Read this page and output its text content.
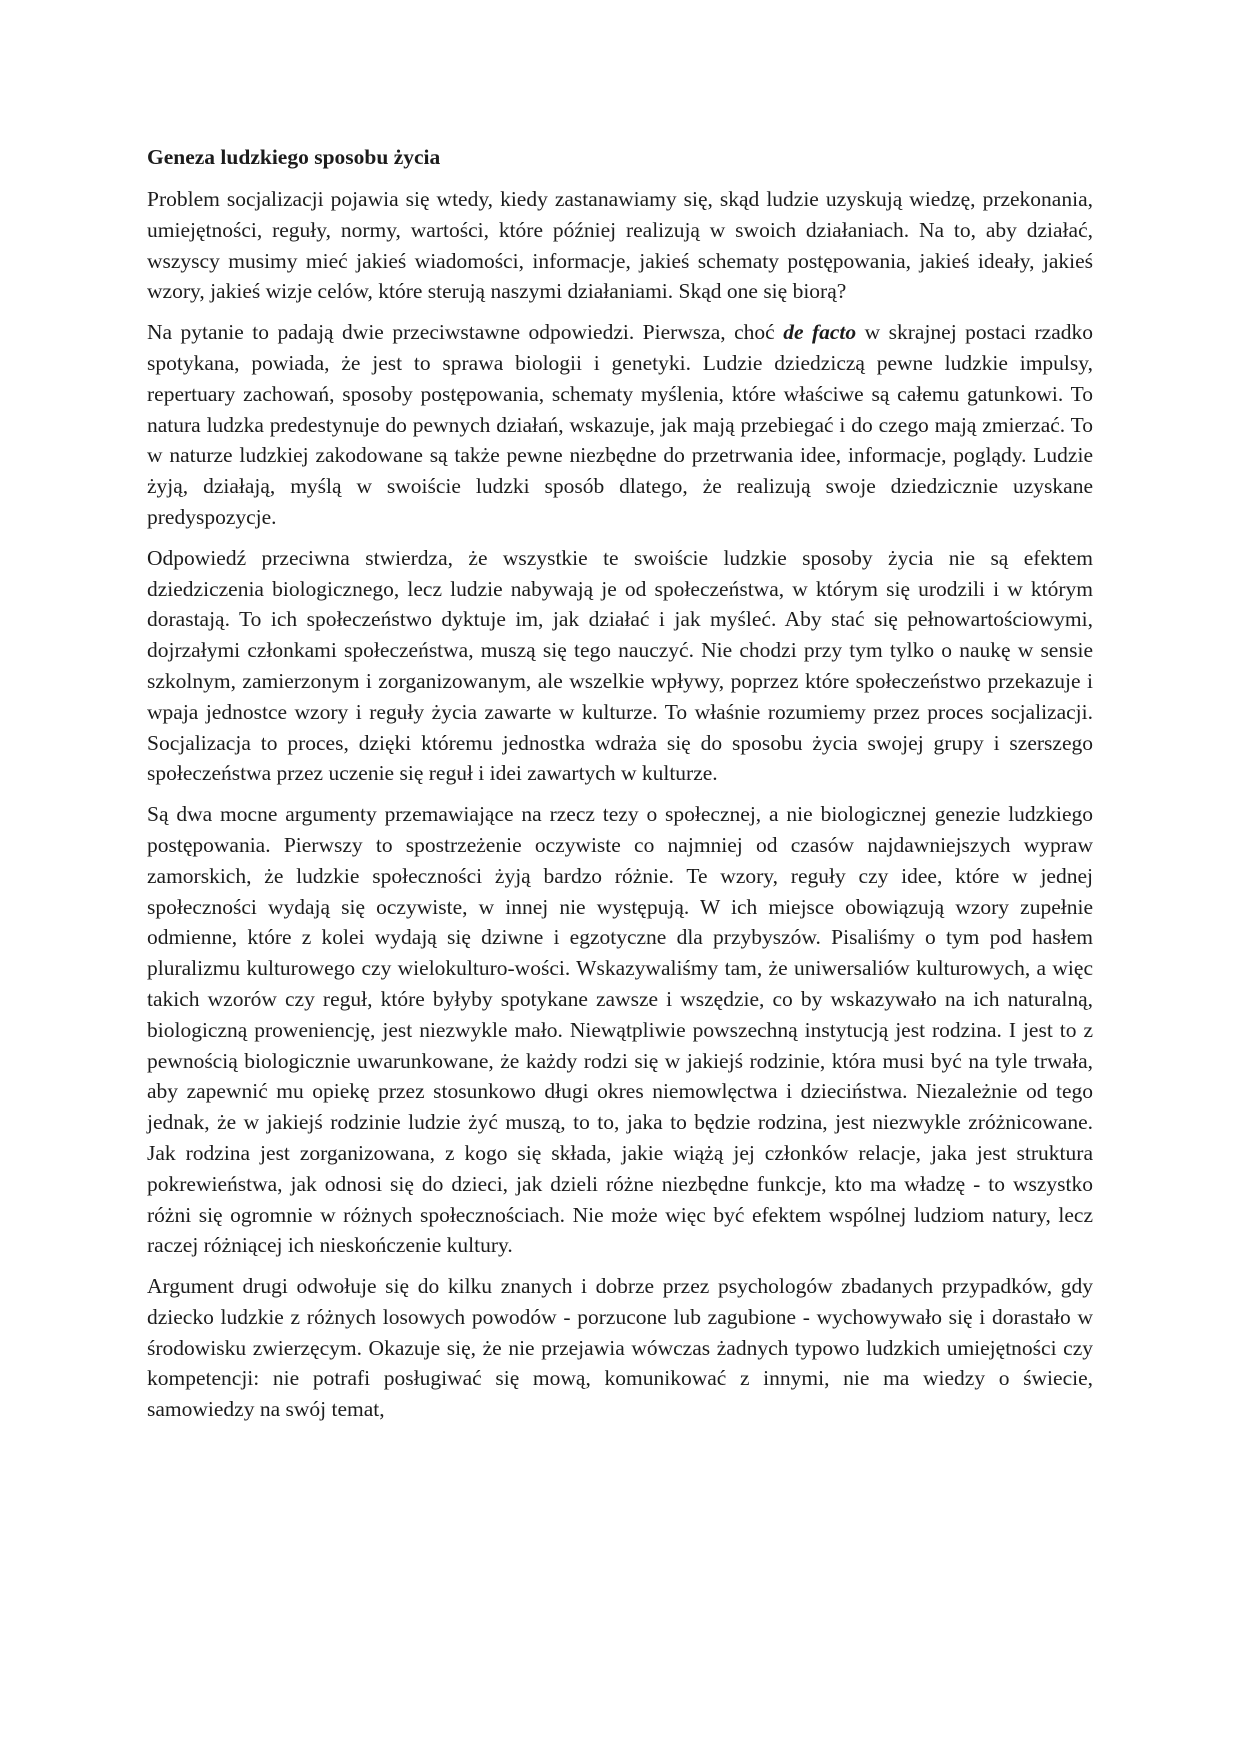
Geneza ludzkiego sposobu życia

Problem socjalizacji pojawia się wtedy, kiedy zastanawiamy się, skąd ludzie uzyskują wiedzę, przekonania, umiejętności, reguły, normy, wartości, które później realizują w swoich działaniach. Na to, aby działać, wszyscy musimy mieć jakieś wiadomości, informacje, jakieś schematy postępowania, jakieś ideały, jakieś wzory, jakieś wizje celów, które sterują naszymi działaniami. Skąd one się biorą?

Na pytanie to padają dwie przeciwstawne odpowiedzi. Pierwsza, choć de facto w skrajnej postaci rzadko spotykana, powiada, że jest to sprawa biologii i genetyki. Ludzie dziedziczą pewne ludzkie impulsy, repertuary zachowań, sposoby postępowania, schematy myślenia, które właściwe są całemu gatunkowi. To natura ludzka predestynuje do pewnych działań, wskazuje, jak mają przebiegać i do czego mają zmierzać. To w naturze ludzkiej zakodowane są także pewne niezbędne do przetrwania idee, informacje, poglądy. Ludzie żyją, działają, myślą w swoiście ludzki sposób dlatego, że realizują swoje dziedzicznie uzyskane predyspozycje.

Odpowiedź przeciwna stwierdza, że wszystkie te swoiście ludzkie sposoby życia nie są efektem dziedziczenia biologicznego, lecz ludzie nabywają je od społeczeństwa, w którym się urodzili i w którym dorastają. To ich społeczeństwo dyktuje im, jak działać i jak myśleć. Aby stać się pełnowartościowymi, dojrzałymi członkami społeczeństwa, muszą się tego nauczyć. Nie chodzi przy tym tylko o naukę w sensie szkolnym, zamierzonym i zorganizowanym, ale wszelkie wpływy, poprzez które społeczeństwo przekazuje i wpaja jednostce wzory i reguły życia zawarte w kulturze. To właśnie rozumiemy przez proces socjalizacji. Socjalizacja to proces, dzięki któremu jednostka wdraża się do sposobu życia swojej grupy i szerszego społeczeństwa przez uczenie się reguł i idei zawartych w kulturze.

Są dwa mocne argumenty przemawiające na rzecz tezy o społecznej, a nie biologicznej genezie ludzkiego postępowania. Pierwszy to spostrzeżenie oczywiste co najmniej od czasów najdawniejszych wypraw zamorskich, że ludzkie społeczności żyją bardzo różnie. Te wzory, reguły czy idee, które w jednej społeczności wydają się oczywiste, w innej nie występują. W ich miejsce obowiązują wzory zupełnie odmienne, które z kolei wydają się dziwne i egzotyczne dla przybyszów. Pisaliśmy o tym pod hasłem pluralizmu kulturowego czy wielokulturo-wości. Wskazywaliśmy tam, że uniwersaliów kulturowych, a więc takich wzorów czy reguł, które byłyby spotykane zawsze i wszędzie, co by wskazywało na ich naturalną, biologiczną proweniencję, jest niezwykle mało. Niewątpliwie powszechną instytucją jest rodzina. I jest to z pewnością biologicznie uwarunkowane, że każdy rodzi się w jakiejś rodzinie, która musi być na tyle trwała, aby zapewnić mu opiekę przez stosunkowo długi okres niemowlęctwa i dzieciństwa. Niezależnie od tego jednak, że w jakiejś rodzinie ludzie żyć muszą, to to, jaka to będzie rodzina, jest niezwykle zróżnicowane. Jak rodzina jest zorganizowana, z kogo się składa, jakie wiążą jej członków relacje, jaka jest struktura pokrewieństwa, jak odnosi się do dzieci, jak dzieli różne niezbędne funkcje, kto ma władzę - to wszystko różni się ogromnie w różnych społecznościach. Nie może więc być efektem wspólnej ludziom natury, lecz raczej różniącej ich nieskończenie kultury.

Argument drugi odwołuje się do kilku znanych i dobrze przez psychologów zbadanych przypadków, gdy dziecko ludzkie z różnych losowych powodów - porzucone lub zagubione - wychowywało się i dorastało w środowisku zwierzęcym. Okazuje się, że nie przejawia wówczas żadnych typowo ludzkich umiejętności czy kompetencji: nie potrafi posługiwać się mową, komunikować z innymi, nie ma wiedzy o świecie, samowiedzy na swój temat,
